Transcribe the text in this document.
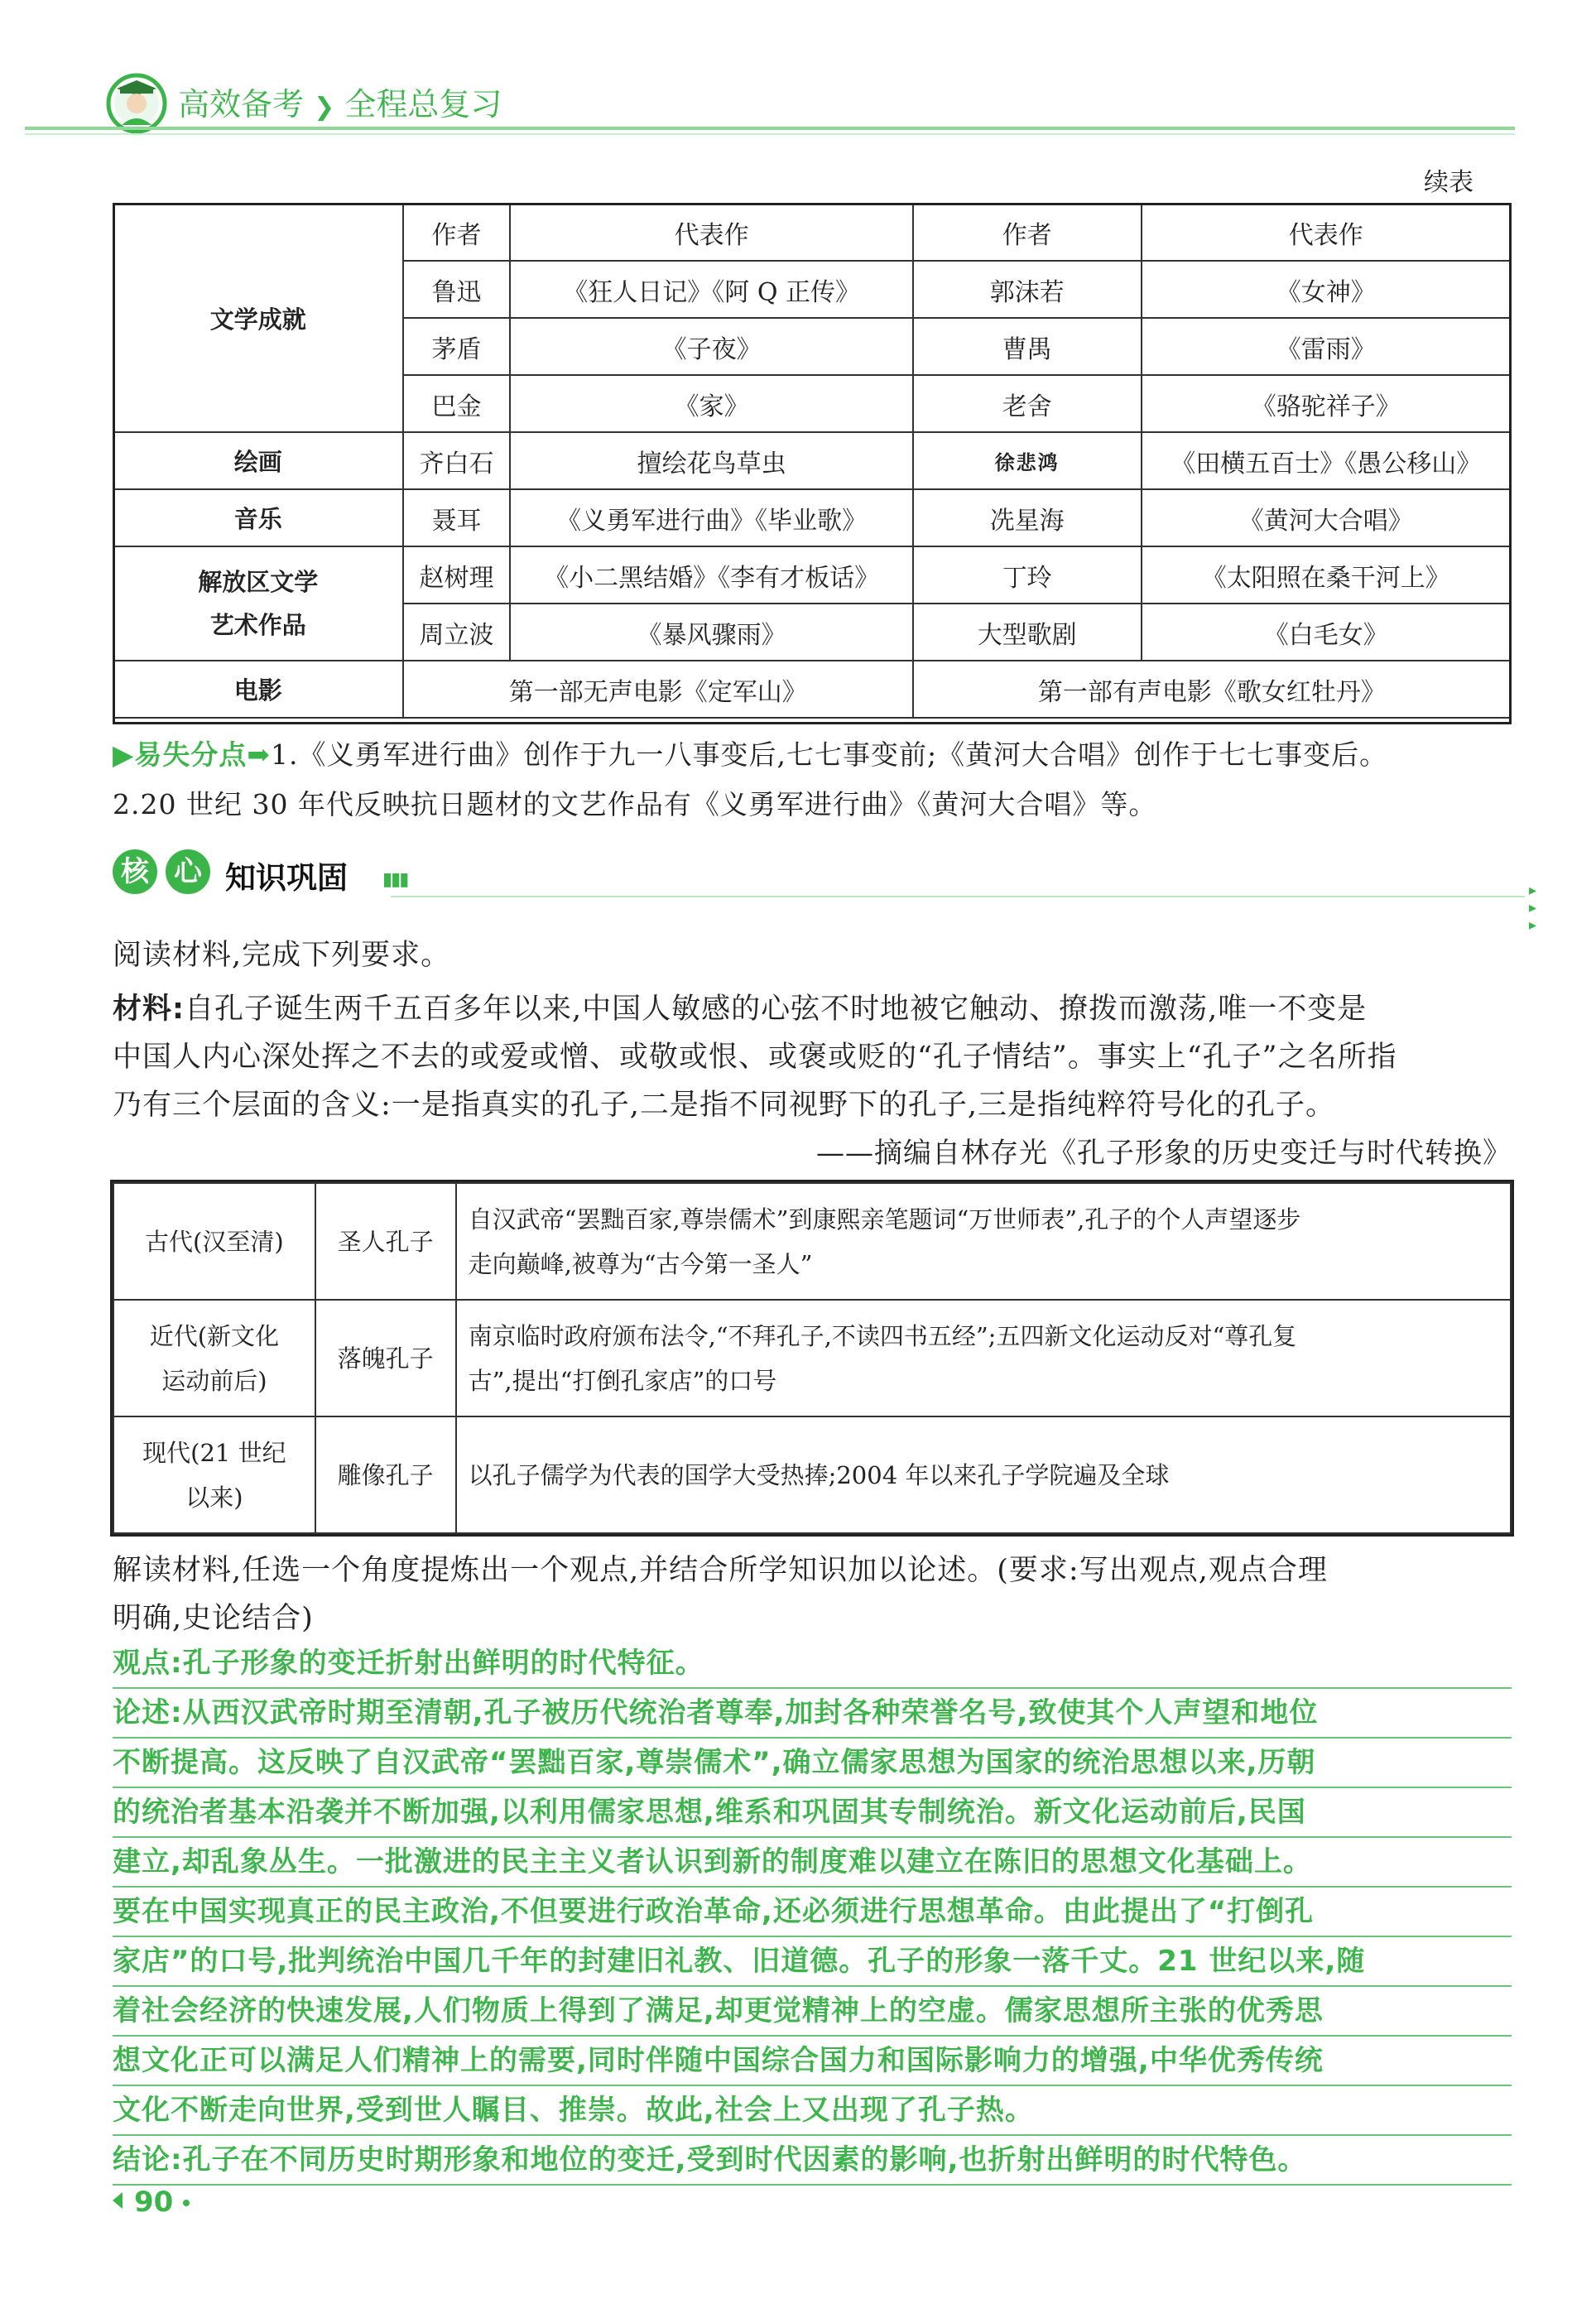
高效备考 ❯ 全程总复习
续表
文学成就	作者	代表作	作者	代表作
	鲁迅	《狂人日记》《阿 Q 正传》	郭沫若	《女神》
	茅盾	《子夜》	曹禺	《雷雨》
	巴金	《家》	老舍	《骆驼祥子》
绘画	齐白石	擅绘花鸟草虫	徐悲鸿	《田横五百士》《愚公移山》
音乐	聂耳	《义勇军进行曲》《毕业歌》	冼星海	《黄河大合唱》
解放区文学
艺术作品	赵树理	《小二黑结婚》《李有才板话》	丁玲	《太阳照在桑干河上》
	周立波	《暴风骤雨》	大型歌剧	《白毛女》
电影	第一部无声电影《定军山》		第一部有声电影《歌女红牡丹》	
▶易失分点➡1.《义勇军进行曲》创作于九一八事变后,七七事变前;《黄河大合唱》创作于七七事变后。
2.20 世纪 30 年代反映抗日题材的文艺作品有《义勇军进行曲》《黄河大合唱》等。
核 心 知识巩固 ▮▮▮
▸ ▸ ▸
阅读材料,完成下列要求。
材料:自孔子诞生两千五百多年以来,中国人敏感的心弦不时地被它触动、撩拨而激荡,唯一不变是
中国人内心深处挥之不去的或爱或憎、或敬或恨、或褒或贬的“孔子情结”。事实上“孔子”之名所指
乃有三个层面的含义:一是指真实的孔子,二是指不同视野下的孔子,三是指纯粹符号化的孔子。
——摘编自林存光《孔子形象的历史变迁与时代转换》
古代(汉至清)	圣人孔子	自汉武帝“罢黜百家,尊崇儒术”到康熙亲笔题词“万世师表”,孔子的个人声望逐步
走向巅峰,被尊为“古今第一圣人”
近代(新文化
运动前后)	落魄孔子	南京临时政府颁布法令,“不拜孔子,不读四书五经”;五四新文化运动反对“尊孔复
古”,提出“打倒孔家店”的口号
现代(21 世纪
以来)	雕像孔子	以孔子儒学为代表的国学大受热捧;2004 年以来孔子学院遍及全球
解读材料,任选一个角度提炼出一个观点,并结合所学知识加以论述。(要求:写出观点,观点合理
明确,史论结合)
观点:孔子形象的变迁折射出鲜明的时代特征。
论述:从西汉武帝时期至清朝,孔子被历代统治者尊奉,加封各种荣誉名号,致使其个人声望和地位
不断提高。这反映了自汉武帝“罢黜百家,尊崇儒术”,确立儒家思想为国家的统治思想以来,历朝
的统治者基本沿袭并不断加强,以利用儒家思想,维系和巩固其专制统治。新文化运动前后,民国
建立,却乱象丛生。一批激进的民主主义者认识到新的制度难以建立在陈旧的思想文化基础上。
要在中国实现真正的民主政治,不但要进行政治革命,还必须进行思想革命。由此提出了“打倒孔
家店”的口号,批判统治中国几千年的封建旧礼教、旧道德。孔子的形象一落千丈。21 世纪以来,随
着社会经济的快速发展,人们物质上得到了满足,却更觉精神上的空虚。儒家思想所主张的优秀思
想文化正可以满足人们精神上的需要,同时伴随中国综合国力和国际影响力的增强,中华优秀传统
文化不断走向世界,受到世人瞩目、推崇。故此,社会上又出现了孔子热。
结论:孔子在不同历史时期形象和地位的变迁,受到时代因素的影响,也折射出鲜明的时代特色。
90
